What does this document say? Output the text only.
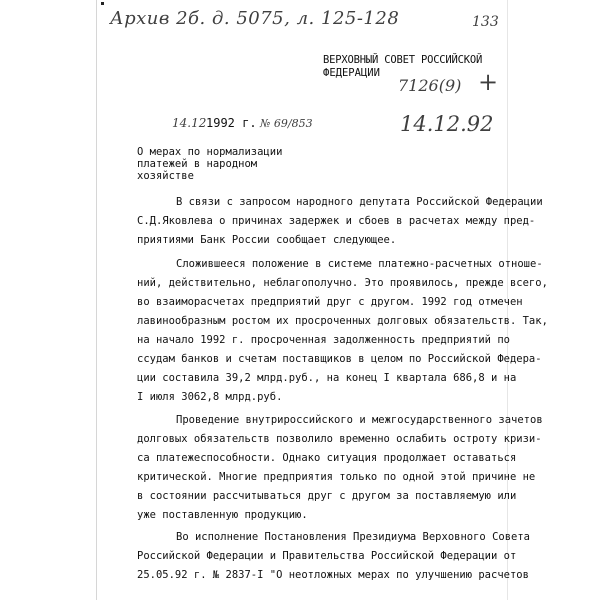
Архив 2б. д. 5075, л. 125-128	133
ВЕРХОВНЫЙ СОВЕТ РОССИЙСКОЙ
ФЕДЕРАЦИИ
7126(9) +
14.12.92
14.12 1992 г. № 69/853
О мерах по нормализации
платежей в народном
хозяйстве
В связи с запросом народного депутата Российской Федерации
С.Д.Яковлева о причинах задержек и сбоев в расчетах между пред-
приятиями Банк России сообщает следующее.
Сложившееся положение в системе платежно-расчетных отноше-
ний, действительно, неблагополучно. Это проявилось, прежде всего,
во взаиморасчетах предприятий друг с другом. 1992 год отмечен
лавинообразным ростом их просроченных долговых обязательств. Так,
на начало 1992 г. просроченная задолженность предприятий по
ссудам банков и счетам поставщиков в целом по Российской Федера-
ции составила 39,2 млрд.руб., на конец I квартала 686,8 и на
I июля 3062,8 млрд.руб.
Проведение внутрироссийского и межгосударственного зачетов
долговых обязательств позволило временно ослабить остроту кризи-
са платежеспособности. Однако ситуация продолжает оставаться
критической. Многие предприятия только по одной этой причине не
в состоянии рассчитываться друг с другом за поставляемую или
уже поставленную продукцию.
Во исполнение Постановления Президиума Верховного Совета
Российской Федерации и Правительства Российской Федерации от
25.05.92 г. № 2837-I "О неотложных мерах по улучшению расчетов
